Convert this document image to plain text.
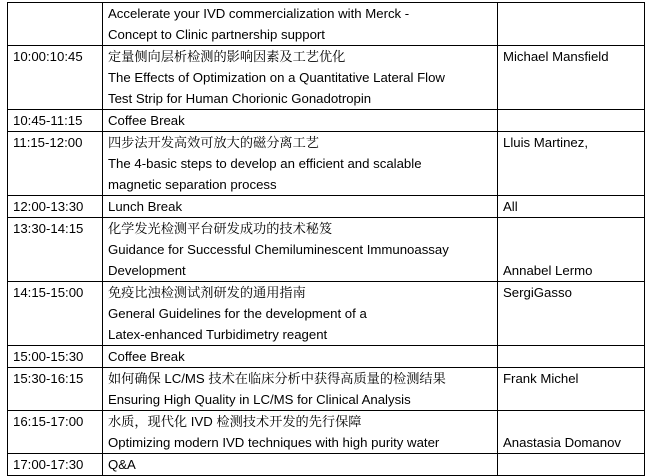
	Accelerate your IVD commercialization with Merck -
Concept to Clinic partnership support	

10:00:10:45	定量侧向层析检测的影响因素及工艺优化
The Effects of Optimization on a Quantitative Lateral Flow
Test Strip for Human Chorionic Gonadotropin	Michael Mansfield

10:45-11:15	Coffee Break	

11:15-12:00	四步法开发高效可放大的磁分离工艺
The 4-basic steps to develop an efficient and scalable
magnetic separation process	Lluis Martinez,

12:00-13:30	Lunch Break	All

13:30-14:15	化学发光检测平台研发成功的技术秘笈
Guidance for Successful Chemiluminescent Immunoassay
Development	Annabel Lermo

14:15-15:00	免疫比浊检测试剂研发的通用指南
General Guidelines for the development of a
Latex-enhanced Turbidimetry reagent	SergiGasso

15:00-15:30	Coffee Break	

15:30-16:15	如何确保 LC/MS 技术在临床分析中获得高质量的检测结果
Ensuring High Quality in LC/MS for Clinical Analysis	Frank Michel

16:15-17:00	水质，现代化 IVD 检测技术开发的先行保障
Optimizing modern IVD techniques with high purity water	Anastasia Domanov

17:00-17:30	Q&A	
